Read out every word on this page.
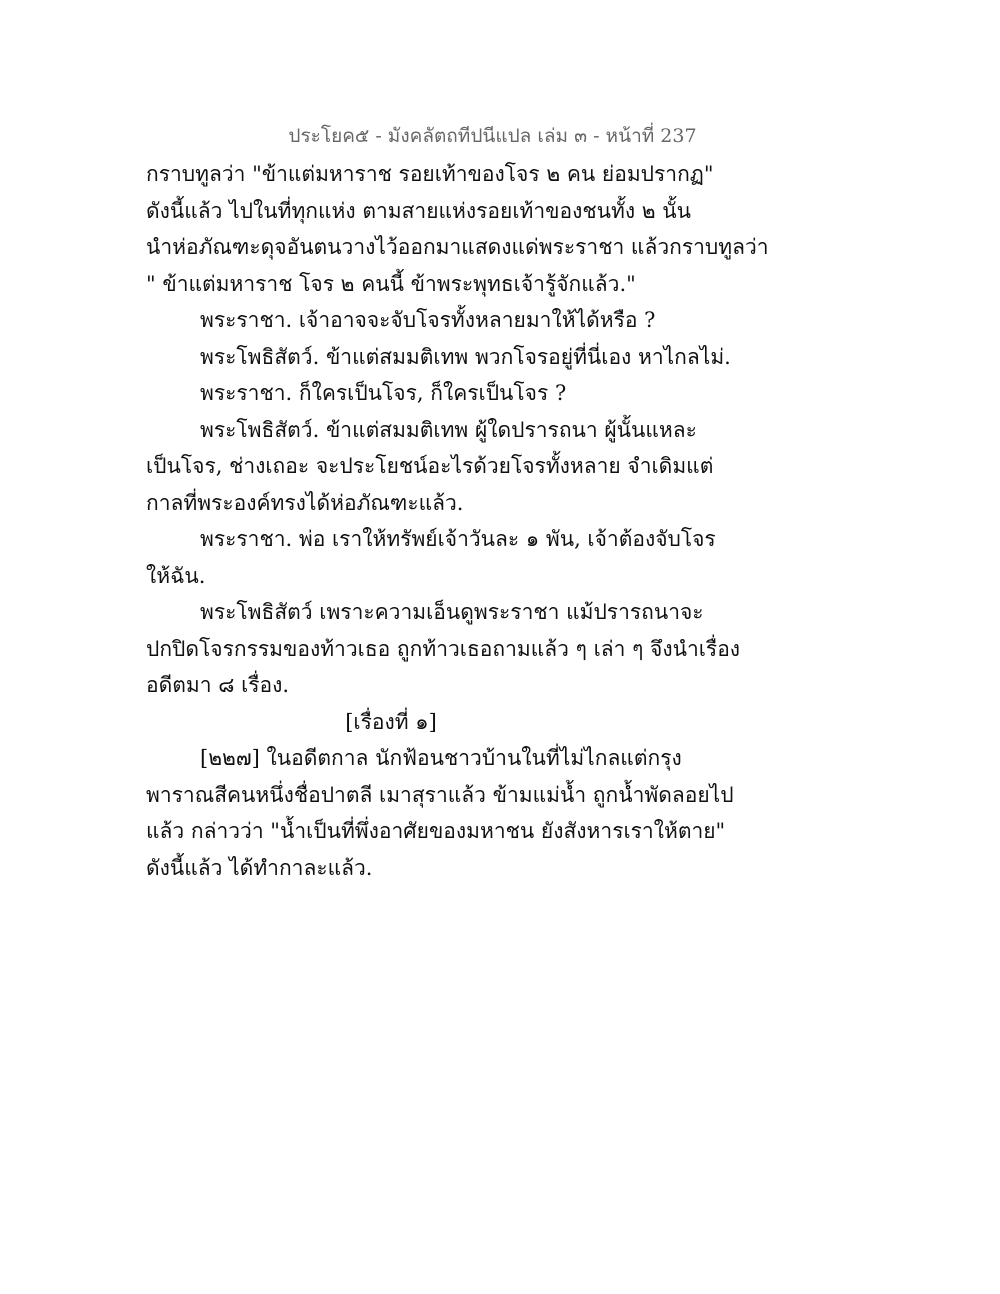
ประโยค๕ - มังคลัตถทีปนีแปล เล่ม ๓ - หน้าที่ 237
กราบทูลว่า "ข้าแต่มหาราช รอยเท้าของโจร ๒ คน ย่อมปรากฏ"
ดังนี้แล้ว ไปในที่ทุกแห่ง ตามสายแห่งรอยเท้าของชนทั้ง ๒ นั้น
นำห่อภัณฑะดุจอันตนวางไว้ออกมาแสดงแด่พระราชา แล้วกราบทูลว่า
" ข้าแต่มหาราช โจร ๒ คนนี้ ข้าพระพุทธเจ้ารู้จักแล้ว."
พระราชา. เจ้าอาจจะจับโจรทั้งหลายมาให้ได้หรือ ?
พระโพธิสัตว์. ข้าแต่สมมติเทพ พวกโจรอยู่ที่นี่เอง หาไกลไม่.
พระราชา. ก็ใครเป็นโจร, ก็ใครเป็นโจร ?
พระโพธิสัตว์. ข้าแต่สมมติเทพ ผู้ใดปรารถนา ผู้นั้นแหละ
เป็นโจร, ช่างเถอะ จะประโยชน์อะไรด้วยโจรทั้งหลาย จำเดิมแต่
กาลที่พระองค์ทรงได้ห่อภัณฑะแล้ว.
พระราชา. พ่อ เราให้ทรัพย์เจ้าวันละ ๑ พัน, เจ้าต้องจับโจร
ให้ฉัน.
พระโพธิสัตว์ เพราะความเอ็นดูพระราชา แม้ปรารถนาจะ
ปกปิดโจรกรรมของท้าวเธอ ถูกท้าวเธอถามแล้ว ๆ เล่า ๆ จึงนำเรื่อง
อดีตมา ๘ เรื่อง.
[เรื่องที่ ๑]
[๒๒๗] ในอดีตกาล นักฟ้อนชาวบ้านในที่ไม่ไกลแต่กรุง
พาราณสีคนหนึ่งชื่อปาตลี เมาสุราแล้ว ข้ามแม่น้ำ ถูกน้ำพัดลอยไป
แล้ว กล่าวว่า "น้ำเป็นที่พึ่งอาศัยของมหาชน ยังสังหารเราให้ตาย"
ดังนี้แล้ว ได้ทำกาละแล้ว.
